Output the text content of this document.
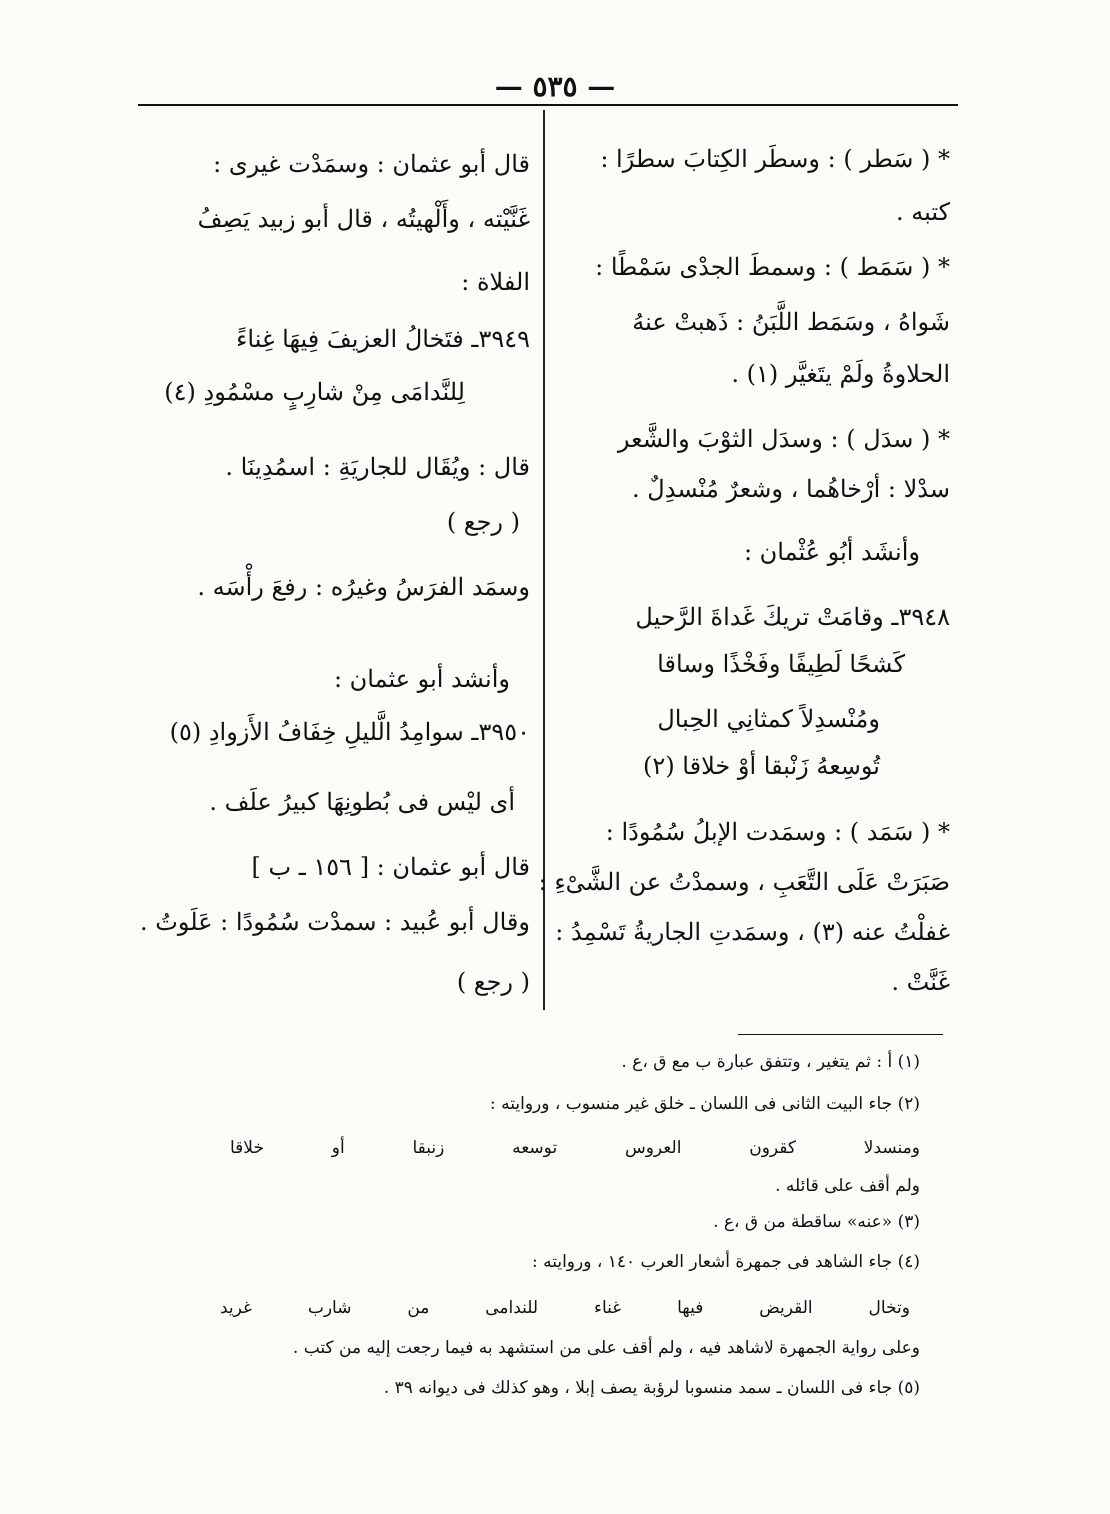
— ٥٣٥ —
* ( سَطر ) : وسطَر الكِتابَ سطرًا :
كتبه .
* ( سَمَط ) : وسمطَ الجدْى سَمْطًا :
شَواهُ ، وسَمَط اللَّبَنُ : ذَهبتْ عنهُ
الحلاوةُ ولَمْ يتَغيَّر (١) .
* ( سدَل ) : وسدَل الثوْبَ والشَّعر
سدْلا : أرْخاهُما ، وشعرٌ مُنْسدِلٌ .
وأنشَد أبُو عُثْمان :
٣٩٤٨ـ وقامَتْ تريكَ غَداةَ الرَّحيل
كَشحًا لَطِيفًا وفَخْذًا وساقا
ومُنْسدِلاً كمثانِي الحِبال
تُوسِعهُ زَنْبقا أوْ خلاقا (٢)
* ( سَمَد ) : وسمَدت الإبلُ سُمُودًا :
صَبَرَتْ عَلَى التَّعَبِ ، وسمدْتُ عن الشَّىْءِ :
غفلْتُ عنه (٣) ، وسمَدتِ الجاريةُ تَسْمِدُ :
غَنَّتْ .
قال أبو عثمان : وسمَدْت غيرى :
غَنَّيْته ، وأَلْهيتُه ، قال أبو زبيد يَصِفُ
الفلاة :
٣٩٤٩ـ فتَخالُ العزيفَ فِيهَا غِناءً
لِلنَّدامَى مِنْ شارِبٍ مسْمُودِ (٤)
قال : ويُقَال للجاريَةِ : اسمُدِينَا .
( رجع )
وسمَد الفرَسُ وغيرُه : رفعَ رأْسَه .
وأنشد أبو عثمان :
٣٩٥٠ـ سوامِدُ الَّليلِ خِفَافُ الأَزوادِ (٥)
أى ليْس فى بُطونِهَا كبيرُ علَف .
قال أبو عثمان : [ ١٥٦ ـ ب ]
وقال أبو عُبيد : سمدْت سُمُودًا : عَلَوتُ .
( رجع )
(١) أ : ثم يتغير ، وتتفق عبارة ب مع ق ،ع .
(٢) جاء البيت الثانى فى اللسان ـ خلق غير منسوب ، وروايته :
ومنسدلا
كقرون
العروس
توسعه
زنبقا
أو
خلاقا
ولم أقف على قائله .
(٣) «عنه» ساقطة من ق ،ع .
(٤) جاء الشاهد فى جمهرة أشعار العرب ١٤٠ ، وروايته :
وتخال
القريض
فيها
غناء
للندامى
من
شارب
غريد
وعلى رواية الجمهرة لاشاهد فيه ، ولم أقف على من استشهد به فيما رجعت إليه من كتب .
(٥) جاء فى اللسان ـ سمد منسوبا لرؤبة يصف إبلا ، وهو كذلك فى ديوانه ٣٩ .
